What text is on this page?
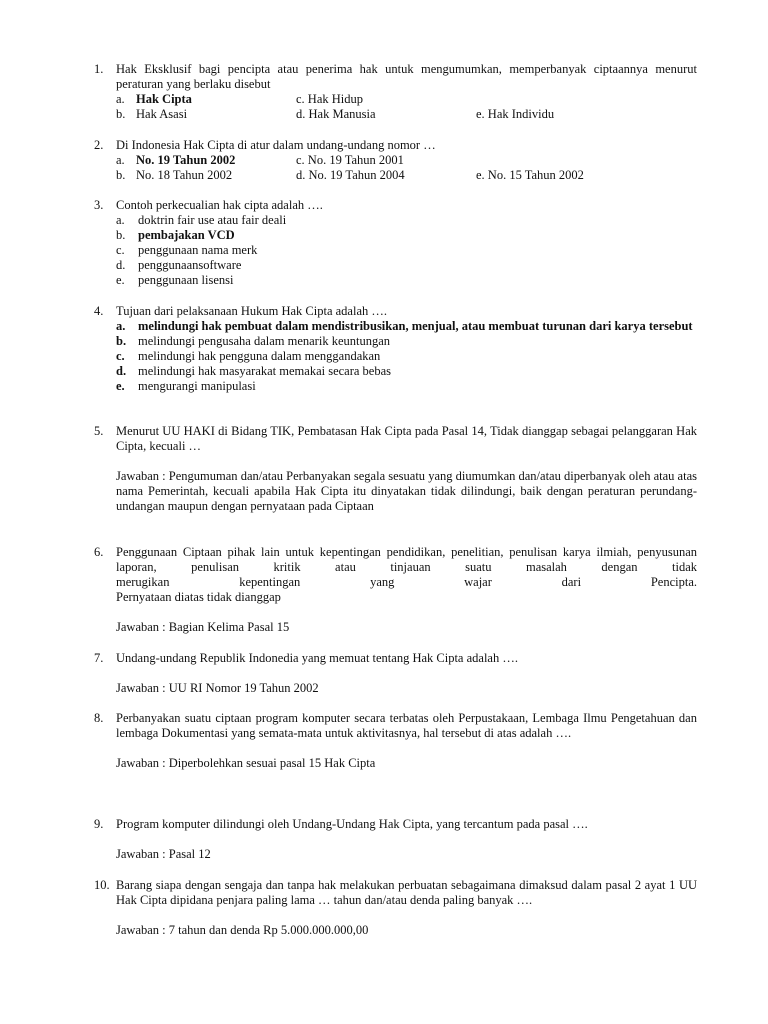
1.	Hak Eksklusif bagi pencipta atau penerima hak untuk mengumumkan, memperbanyak ciptaannya menurut peraturan yang berlaku disebut
a. Hak Cipta	c. Hak Hidup
b. Hak Asasi	d. Hak Manusia	e. Hak Individu
2.	Di Indonesia Hak Cipta di atur dalam undang-undang nomor …
a. No. 19 Tahun 2002	c. No. 19 Tahun 2001
b. No. 18 Tahun 2002	d. No. 19 Tahun 2004	e. No. 15 Tahun 2002
3.	Contoh perkecualian hak cipta adalah ….
a.	doktrin fair use atau fair deali
b.	pembajakan VCD
c.	penggunaan nama merk
d.	penggunaansoftware
e.	penggunaan lisensi
4.	Tujuan dari pelaksanaan Hukum Hak Cipta adalah ….
a.	melindungi hak pembuat dalam mendistribusikan, menjual, atau membuat turunan dari karya tersebut
b. melindungi pengusaha dalam menarik keuntungan
c.	melindungi hak pengguna dalam menggandakan
d. melindungi hak masyarakat memakai secara bebas
e.	mengurangi manipulasi
5.	Menurut UU HAKI di Bidang TIK, Pembatasan Hak Cipta pada Pasal 14, Tidak dianggap sebagai pelanggaran Hak Cipta, kecuali …
Jawaban : Pengumuman dan/atau Perbanyakan segala sesuatu yang diumumkan dan/atau diperbanyak oleh atau atas nama Pemerintah, kecuali apabila Hak Cipta itu dinyatakan tidak dilindungi, baik dengan peraturan perundang-undangan maupun dengan pernyataan pada Ciptaan
6.	Penggunaan Ciptaan pihak lain untuk kepentingan pendidikan, penelitian, penulisan karya ilmiah, penyusunan laporan, penulisan kritik atau tinjauan suatu masalah dengan tidak
merugikan kepentingan yang wajar dari Pencipta.
Pernyataan diatas tidak dianggap
Jawaban : Bagian Kelima Pasal 15
7.	Undang-undang Republik Indonedia yang memuat tentang Hak Cipta adalah ….
Jawaban : UU RI Nomor 19 Tahun 2002
8.	Perbanyakan suatu ciptaan program komputer secara terbatas oleh Perpustakaan, Lembaga Ilmu Pengetahuan dan lembaga Dokumentasi yang semata-mata untuk aktivitasnya, hal tersebut di atas adalah ….
Jawaban : Diperbolehkan sesuai pasal 15 Hak Cipta
9.	Program komputer dilindungi oleh Undang-Undang Hak Cipta, yang tercantum pada pasal ….
Jawaban : Pasal 12
10. Barang siapa dengan sengaja dan tanpa hak melakukan perbuatan sebagaimana dimaksud dalam pasal 2 ayat 1 UU Hak Cipta dipidana penjara paling lama … tahun dan/atau denda paling banyak ….
Jawaban : 7 tahun dan denda Rp 5.000.000.000,00
